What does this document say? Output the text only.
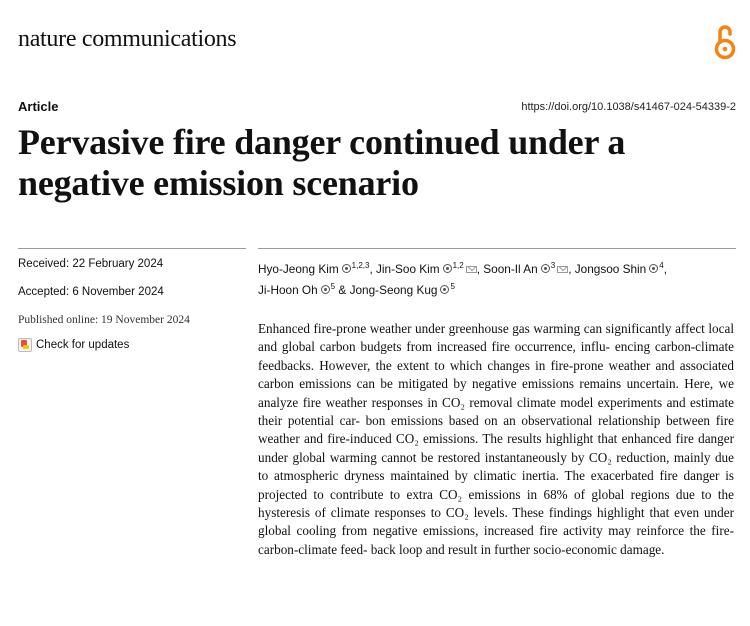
nature communications
Article	https://doi.org/10.1038/s41467-024-54339-2
Pervasive fire danger continued under a negative emission scenario
Received: 22 February 2024
Accepted: 6 November 2024
Published online: 19 November 2024
Check for updates
Hyo-Jeong Kim $^{1,2,3}$, Jin-Soo Kim $^{1,2}$ , Soon-Il An $^3$ , Jongsoo Shin $^4$, Ji-Hoon Oh $^5$ & Jong-Seong Kug $^5$

Enhanced fire-prone weather under greenhouse gas warming can significantly affect local and global carbon budgets from increased fire occurrence, influ- encing carbon-climate feedbacks. However, the extent to which changes in fire-prone weather and associated carbon emissions can be mitigated by negative emissions remains uncertain. Here, we analyze fire weather responses in CO₂ removal climate model experiments and estimate their potential car- bon emissions based on an observational relationship between fire weather and fire-induced CO₂ emissions. The results highlight that enhanced fire danger under global warming cannot be restored instantaneously by CO₂ reduction, mainly due to atmospheric dryness maintained by climatic inertia. The exacerbated fire danger is projected to contribute to extra CO₂ emissions in 68% of global regions due to the hysteresis of climate responses to CO₂ levels. These findings highlight that even under global cooling from negative emissions, increased fire activity may reinforce the fire-carbon-climate feed- back loop and result in further socio-economic damage.
